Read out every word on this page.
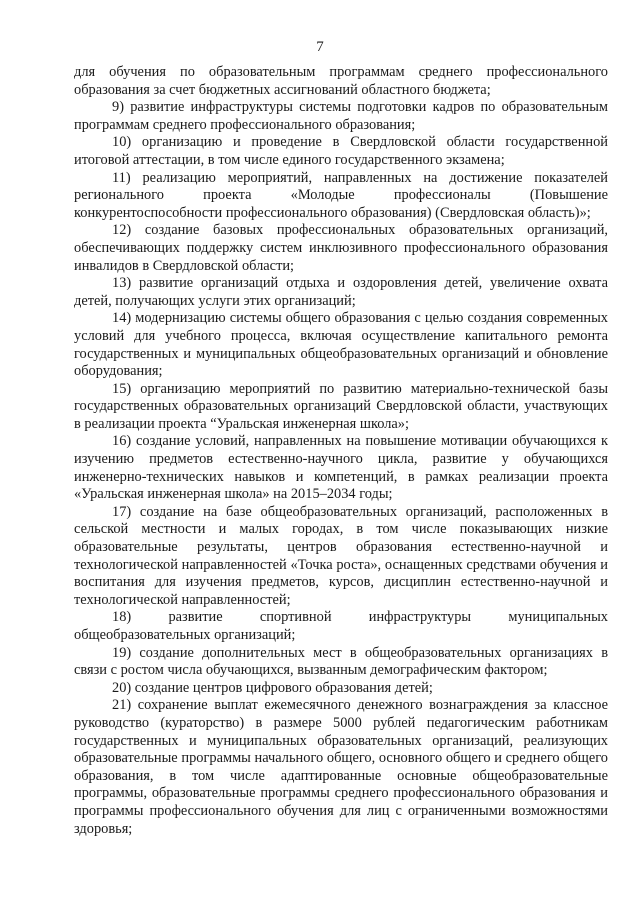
7

для обучения по образовательным программам среднего профессионального образования за счет бюджетных ассигнований областного бюджета;

9) развитие инфраструктуры системы подготовки кадров по образовательным программам среднего профессионального образования;

10) организацию и проведение в Свердловской области государственной итоговой аттестации, в том числе единого государственного экзамена;

11) реализацию мероприятий, направленных на достижение показателей регионального проекта «Молодые профессионалы (Повышение конкурентоспособности профессионального образования) (Свердловская область)»;

12) создание базовых профессиональных образовательных организаций, обеспечивающих поддержку систем инклюзивного профессионального образования инвалидов в Свердловской области;

13) развитие организаций отдыха и оздоровления детей, увеличение охвата детей, получающих услуги этих организаций;

14) модернизацию системы общего образования с целью создания современных условий для учебного процесса, включая осуществление капитального ремонта государственных и муниципальных общеобразовательных организаций и обновление оборудования;

15) организацию мероприятий по развитию материально-технической базы государственных образовательных организаций Свердловской области, участвующих в реализации проекта “Уральская инженерная школа»;

16) создание условий, направленных на повышение мотивации обучающихся к изучению предметов естественно-научного цикла, развитие у обучающихся инженерно-технических навыков и компетенций, в рамках реализации проекта «Уральская инженерная школа» на 2015–2034 годы;

17) создание на базе общеобразовательных организаций, расположенных в сельской местности и малых городах, в том числе показывающих низкие образовательные результаты, центров образования естественно-научной и технологической направленностей «Точка роста», оснащенных средствами обучения и воспитания для изучения предметов, курсов, дисциплин естественно-научной и технологической направленностей;

18) развитие спортивной инфраструктуры муниципальных общеобразовательных организаций;

19) создание дополнительных мест в общеобразовательных организациях в связи с ростом числа обучающихся, вызванным демографическим фактором;

20) создание центров цифрового образования детей;

21) сохранение выплат ежемесячного денежного вознаграждения за классное руководство (кураторство) в размере 5000 рублей педагогическим работникам государственных и муниципальных образовательных организаций, реализующих образовательные программы начального общего, основного общего и среднего общего образования, в том числе адаптированные основные общеобразовательные программы, образовательные программы среднего профессионального образования и программы профессионального обучения для лиц с ограниченными возможностями здоровья;
